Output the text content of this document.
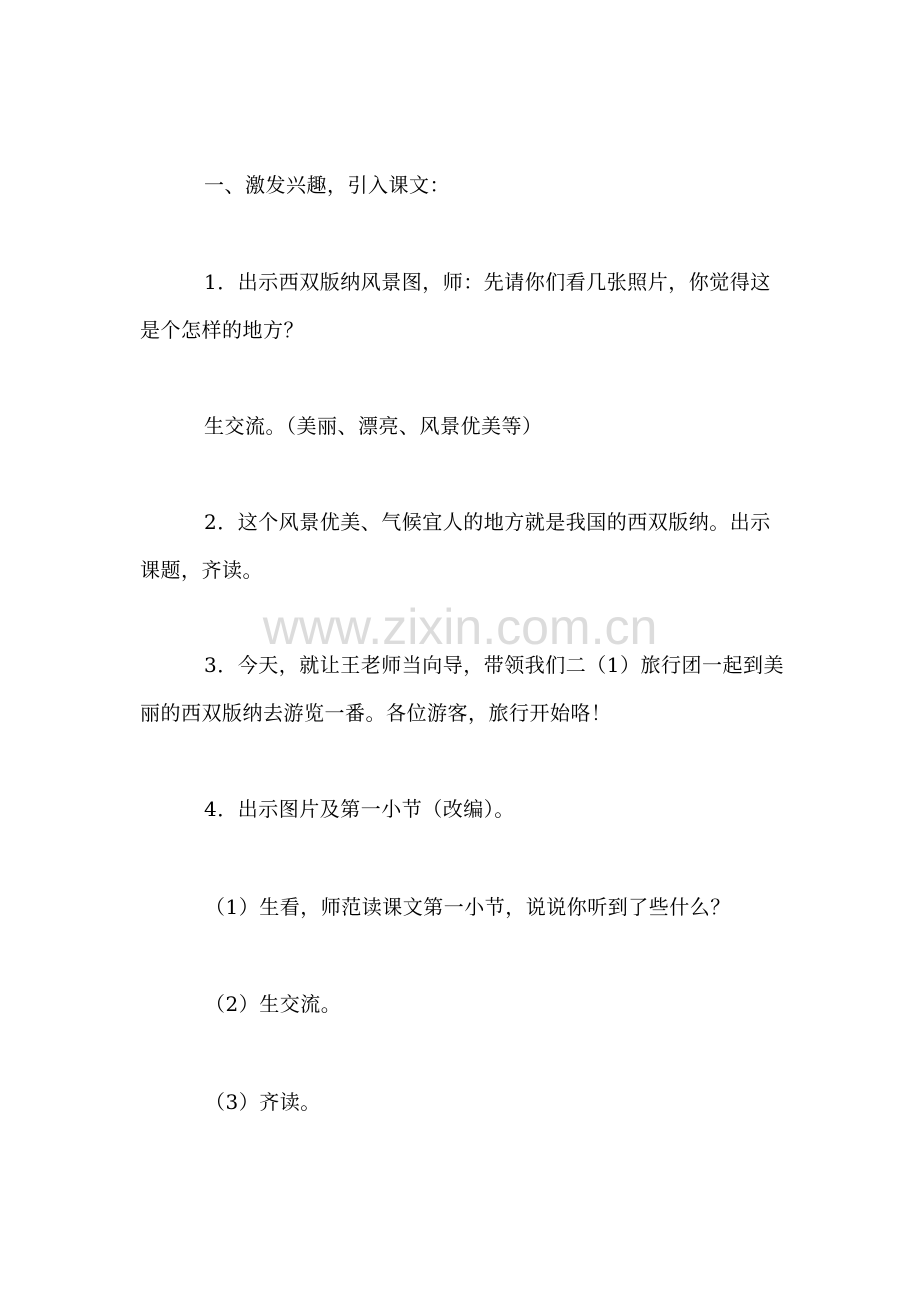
一、激发兴趣，引入课文：

1．出示西双版纳风景图，师：先请你们看几张照片，你觉得这是个怎样的地方？

生交流。（美丽、漂亮、风景优美等）

2．这个风景优美、气候宜人的地方就是我国的西双版纳。出示课题，齐读。

3．今天，就让王老师当向导，带领我们二（1）旅行团一起到美丽的西双版纳去游览一番。各位游客，旅行开始咯！

4．出示图片及第一小节（改编）。

（1）生看，师范读课文第一小节，说说你听到了些什么？

（2）生交流。

（3）齐读。

www.zixin.com.cn
